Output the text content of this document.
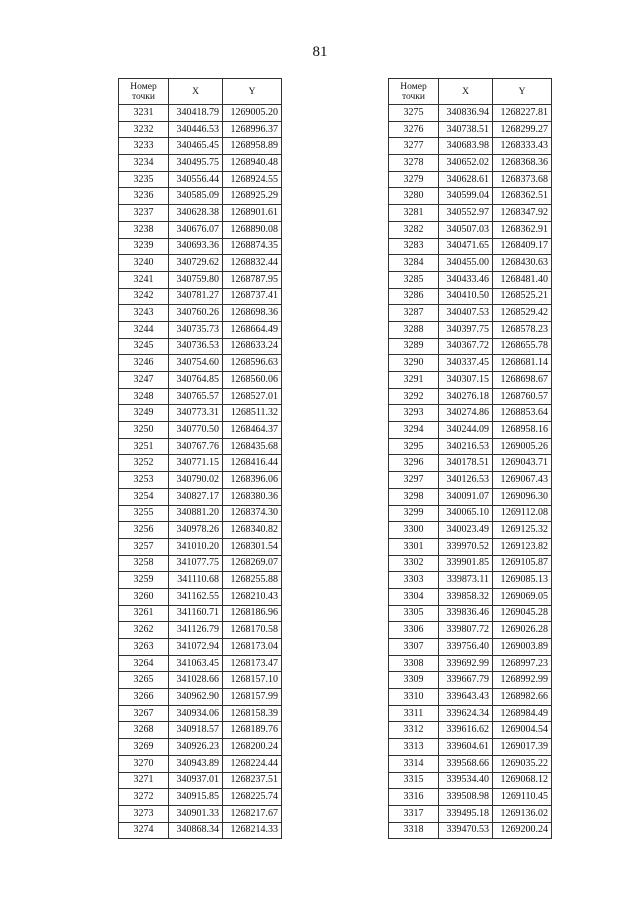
81
Номер
точки	X	Y
3231	340418.79	1269005.20
3232	340446.53	1268996.37
3233	340465.45	1268958.89
3234	340495.75	1268940.48
3235	340556.44	1268924.55
3236	340585.09	1268925.29
3237	340628.38	1268901.61
3238	340676.07	1268890.08
3239	340693.36	1268874.35
3240	340729.62	1268832.44
3241	340759.80	1268787.95
3242	340781.27	1268737.41
3243	340760.26	1268698.36
3244	340735.73	1268664.49
3245	340736.53	1268633.24
3246	340754.60	1268596.63
3247	340764.85	1268560.06
3248	340765.57	1268527.01
3249	340773.31	1268511.32
3250	340770.50	1268464.37
3251	340767.76	1268435.68
3252	340771.15	1268416.44
3253	340790.02	1268396.06
3254	340827.17	1268380.36
3255	340881.20	1268374.30
3256	340978.26	1268340.82
3257	341010.20	1268301.54
3258	341077.75	1268269.07
3259	341110.68	1268255.88
3260	341162.55	1268210.43
3261	341160.71	1268186.96
3262	341126.79	1268170.58
3263	341072.94	1268173.04
3264	341063.45	1268173.47
3265	341028.66	1268157.10
3266	340962.90	1268157.99
3267	340934.06	1268158.39
3268	340918.57	1268189.76
3269	340926.23	1268200.24
3270	340943.89	1268224.44
3271	340937.01	1268237.51
3272	340915.85	1268225.74
3273	340901.33	1268217.67
3274	340868.34	1268214.33
Номер
точки	X	Y
3275	340836.94	1268227.81
3276	340738.51	1268299.27
3277	340683.98	1268333.43
3278	340652.02	1268368.36
3279	340628.61	1268373.68
3280	340599.04	1268362.51
3281	340552.97	1268347.92
3282	340507.03	1268362.91
3283	340471.65	1268409.17
3284	340455.00	1268430.63
3285	340433.46	1268481.40
3286	340410.50	1268525.21
3287	340407.53	1268529.42
3288	340397.75	1268578.23
3289	340367.72	1268655.78
3290	340337.45	1268681.14
3291	340307.15	1268698.67
3292	340276.18	1268760.57
3293	340274.86	1268853.64
3294	340244.09	1268958.16
3295	340216.53	1269005.26
3296	340178.51	1269043.71
3297	340126.53	1269067.43
3298	340091.07	1269096.30
3299	340065.10	1269112.08
3300	340023.49	1269125.32
3301	339970.52	1269123.82
3302	339901.85	1269105.87
3303	339873.11	1269085.13
3304	339858.32	1269069.05
3305	339836.46	1269045.28
3306	339807.72	1269026.28
3307	339756.40	1269003.89
3308	339692.99	1268997.23
3309	339667.79	1268992.99
3310	339643.43	1268982.66
3311	339624.34	1268984.49
3312	339616.62	1269004.54
3313	339604.61	1269017.39
3314	339568.66	1269035.22
3315	339534.40	1269068.12
3316	339508.98	1269110.45
3317	339495.18	1269136.02
3318	339470.53	1269200.24
